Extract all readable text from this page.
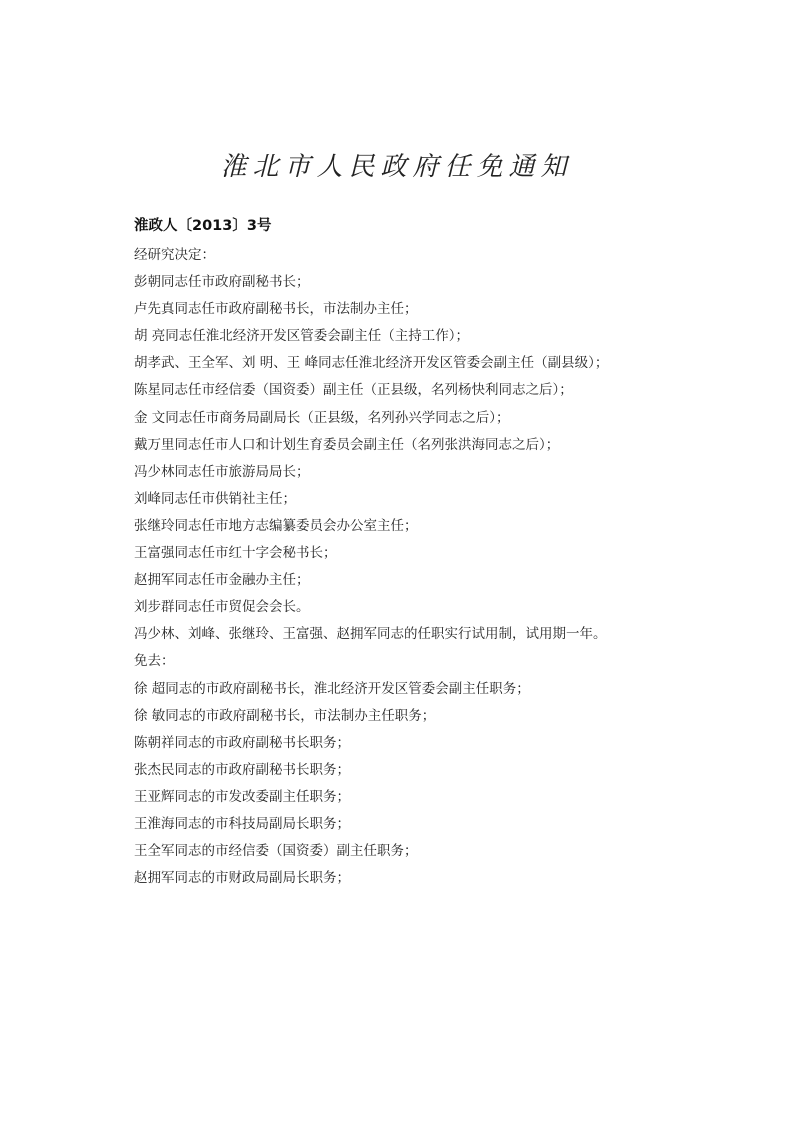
淮北市人民政府任免通知
淮政人〔2013〕3号
经研究决定：
彭朝同志任市政府副秘书长；
卢先真同志任市政府副秘书长，市法制办主任；
胡 亮同志任淮北经济开发区管委会副主任（主持工作）；
胡孝武、王全军、刘 明、王 峰同志任淮北经济开发区管委会副主任（副县级）；
陈星同志任市经信委（国资委）副主任（正县级，名列杨快利同志之后）；
金 文同志任市商务局副局长（正县级，名列孙兴学同志之后）；
戴万里同志任市人口和计划生育委员会副主任（名列张洪海同志之后）；
冯少林同志任市旅游局局长；
刘峰同志任市供销社主任；
张继玲同志任市地方志编纂委员会办公室主任；
王富强同志任市红十字会秘书长；
赵拥军同志任市金融办主任；
刘步群同志任市贸促会会长。
冯少林、刘峰、张继玲、王富强、赵拥军同志的任职实行试用制，试用期一年。
免去：
徐 超同志的市政府副秘书长，淮北经济开发区管委会副主任职务；
徐 敏同志的市政府副秘书长，市法制办主任职务；
陈朝祥同志的市政府副秘书长职务；
张杰民同志的市政府副秘书长职务；
王亚辉同志的市发改委副主任职务；
王淮海同志的市科技局副局长职务；
王全军同志的市经信委（国资委）副主任职务；
赵拥军同志的市财政局副局长职务；
